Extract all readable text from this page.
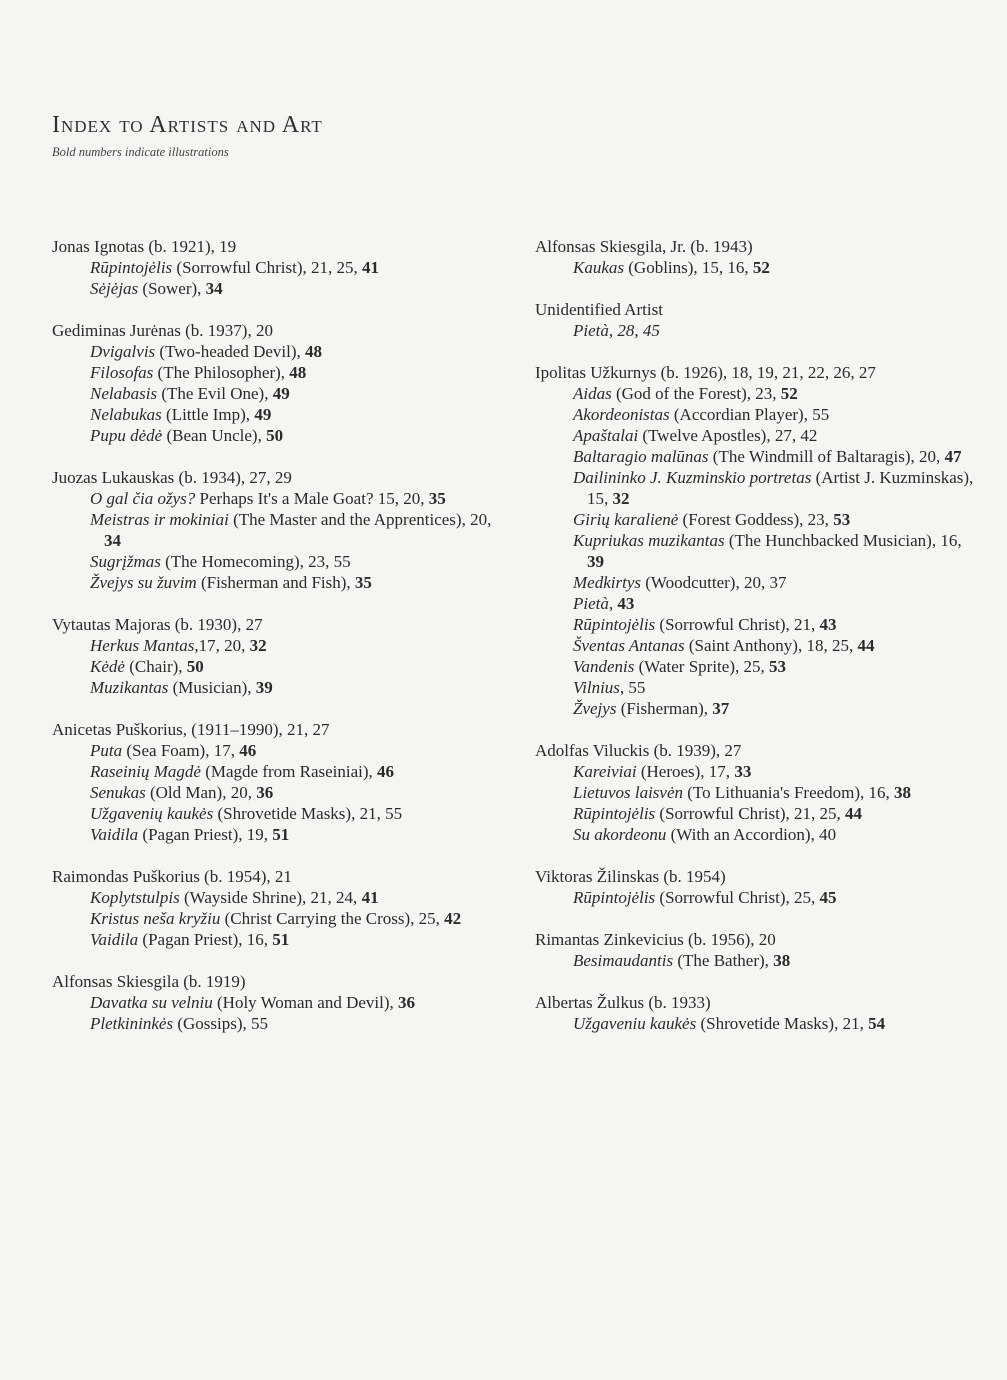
Index to Artists and Art
Bold numbers indicate illustrations
Jonas Ignotas (b. 1921), 19
Rūpintojėlis (Sorrowful Christ), 21, 25, 41
Sėjėjas (Sower), 34
Gediminas Jurėnas (b. 1937), 20
Dvigalvis (Two-headed Devil), 48
Filosofas (The Philosopher), 48
Nelabasis (The Evil One), 49
Nelabukas (Little Imp), 49
Pupu dėdė (Bean Uncle), 50
Juozas Lukauskas (b. 1934), 27, 29
O gal čia ožys? Perhaps It's a Male Goat? 15, 20, 35
Meistras ir mokiniai (The Master and the Apprentices), 20, 34
Sugrįžmas (The Homecoming), 23, 55
Žvejys su žuvim (Fisherman and Fish), 35
Vytautas Majoras (b. 1930), 27
Herkus Mantas,17, 20, 32
Kėdė (Chair), 50
Muzikantas (Musician), 39
Anicetas Puškorius, (1911–1990), 21, 27
Puta (Sea Foam), 17, 46
Raseinių Magdė (Magde from Raseiniai), 46
Senukas (Old Man), 20, 36
Užgavenių kaukės (Shrovetide Masks), 21, 55
Vaidila (Pagan Priest), 19, 51
Raimondas Puškorius (b. 1954), 21
Koplytstulpis (Wayside Shrine), 21, 24, 41
Kristus neša kryžiu (Christ Carrying the Cross), 25, 42
Vaidila (Pagan Priest), 16, 51
Alfonsas Skiesgila (b. 1919)
Davatka su velniu (Holy Woman and Devil), 36
Pletkininkės (Gossips), 55
Alfonsas Skiesgila, Jr. (b. 1943)
Kaukas (Goblins), 15, 16, 52
Unidentified Artist
Pietà, 28, 45
Ipolitas Užkurnys (b. 1926), 18, 19, 21, 22, 26, 27
Aidas (God of the Forest), 23, 52
Akordeonistas (Accordian Player), 55
Apaštalai (Twelve Apostles), 27, 42
Baltaragio malūnas (The Windmill of Baltaragis), 20, 47
Dailininko J. Kuzminskio portretas (Artist J. Kuzminskas), 15, 32
Girių karalienė (Forest Goddess), 23, 53
Kupriukas muzikantas (The Hunchbacked Musician), 16, 39
Medkirtys (Woodcutter), 20, 37
Pietà, 43
Rūpintojėlis (Sorrowful Christ), 21, 43
Šventas Antanas (Saint Anthony), 18, 25, 44
Vandenis (Water Sprite), 25, 53
Vilnius, 55
Žvejys (Fisherman), 37
Adolfas Viluckis (b. 1939), 27
Kareiviai (Heroes), 17, 33
Lietuvos laisvėn (To Lithuania's Freedom), 16, 38
Rūpintojėlis (Sorrowful Christ), 21, 25, 44
Su akordeonu (With an Accordion), 40
Viktoras Žilinskas (b. 1954)
Rūpintojėlis (Sorrowful Christ), 25, 45
Rimantas Zinkevicius (b. 1956), 20
Besimaudantis (The Bather), 38
Albertas Žulkus (b. 1933)
Užgaveniu kaukės (Shrovetide Masks), 21, 54
